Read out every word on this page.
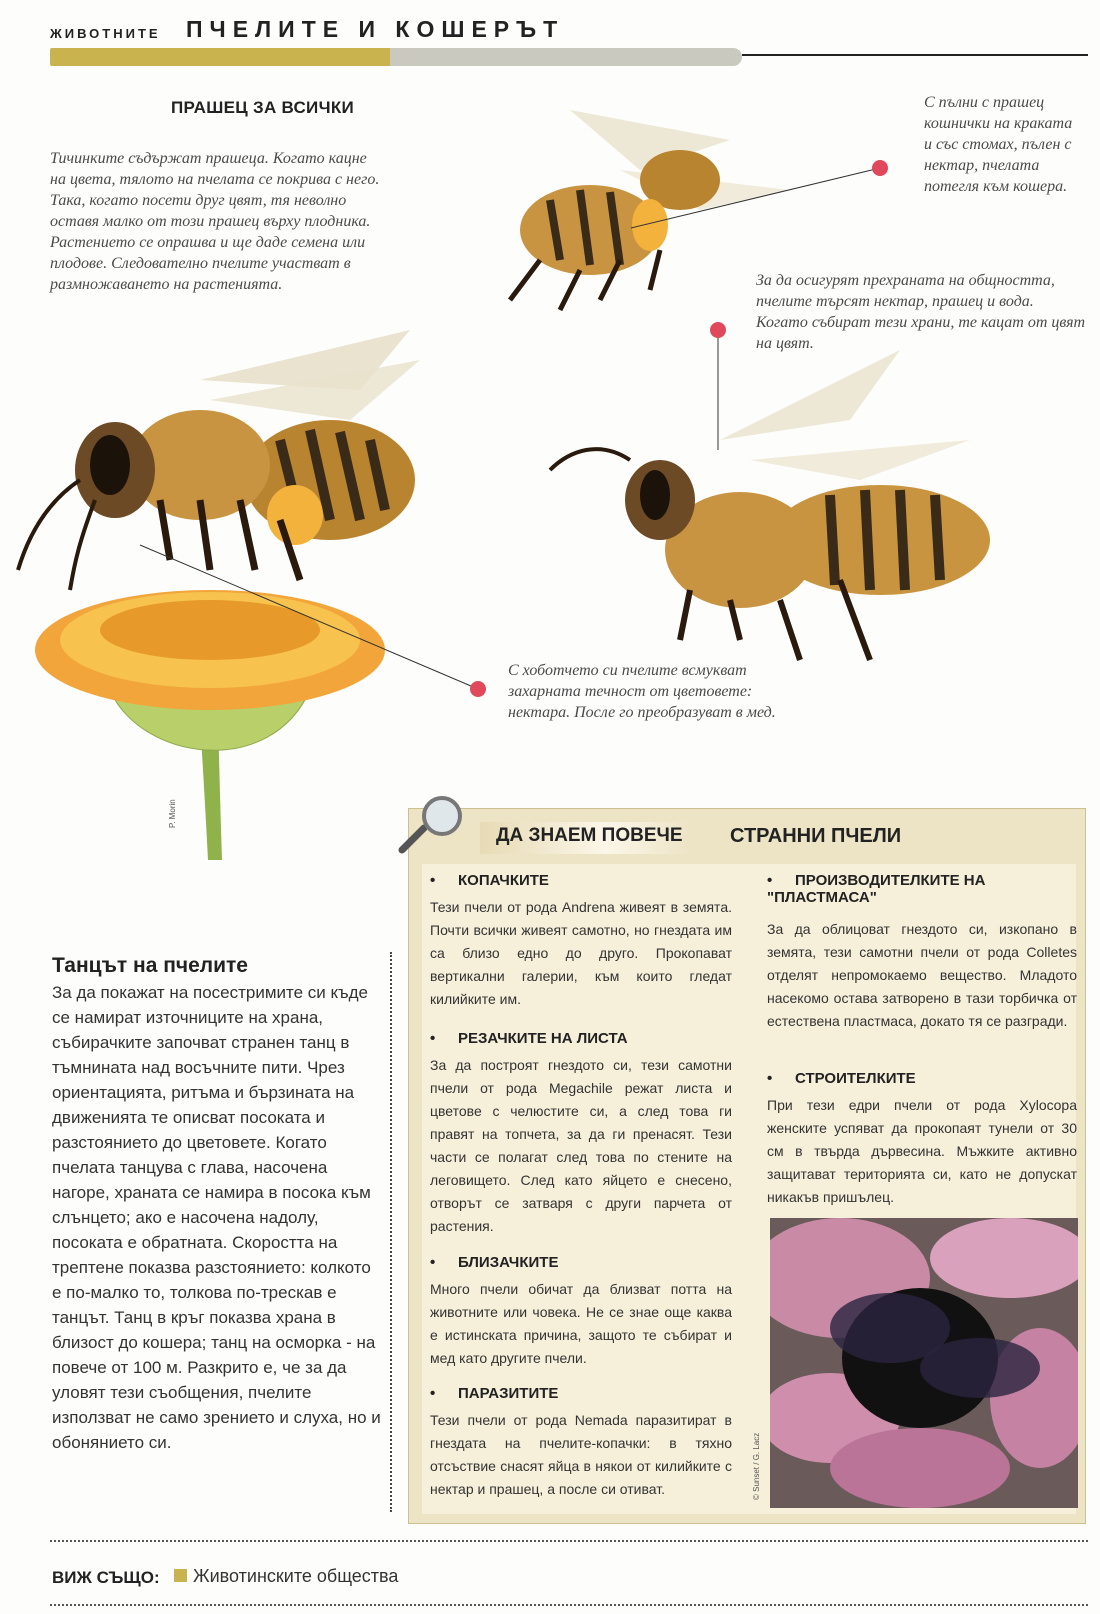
ЖИВОТНИТЕ ПЧЕЛИТЕ И КОШЕРЪТ
ПРАШЕЦ ЗА ВСИЧКИ
Тичинките съдържат прашеца. Когато кацне на цвета, тялото на пчелата се покрива с него. Така, когато посети друг цвят, тя неволно оставя малко от този прашец върху плодника. Растението се опрашва и ще даде семена или плодове. Следователно пчелите участват в размножаването на растенията.
С пълни с прашец кошнички на краката и със стомах, пълен с нектар, пчелата потегля към кошера.
За да осигурят прехраната на общността, пчелите търсят нектар, прашец и вода. Когато събират тези храни, те кацат от цвят на цвят.
С хоботчето си пчелите всмукват захарната течност от цветовете: нектара. После го преобразуват в мед.
P. Morin
Танцът на пчелите
За да покажат на посестримите си къде се намират източниците на храна, събирачките започват странен танц в тъмнината над восъчните пити. Чрез ориентацията, ритъма и бързината на движенията те описват посоката и разстоянието до цветовете. Когато пчелата танцува с глава, насочена нагоре, храната се намира в посока към слънцето; ако е насочена надолу, посоката е обратната. Скоростта на трептене показва разстоянието: колкото е по-малко то, толкова по-трескав е танцът. Танц в кръг показва храна в близост до кошера; танц на осморка - на повече от 100 м. Разкрито е, че за да уловят тези съобщения, пчелите използват не само зрението и слуха, но и обонянието си.
ДА ЗНАЕМ ПОВЕЧЕ СТРАННИ ПЧЕЛИ
• КОПАЧКИТЕ
Тези пчели от рода Andrena живеят в земята. Почти всички живеят самотно, но гнездата им са близо едно до друго. Прокопават вертикални галерии, към които гледат килийките им.
• РЕЗАЧКИТЕ НА ЛИСТА
За да построят гнездото си, тези самотни пчели от рода Megachile режат листа и цветове с челюстите си, а след това ги правят на топчета, за да ги пренасят. Тези части се полагат след това по стените на леговището. След като яйцето е снесено, отворът се затваря с други парчета от растения.
• БЛИЗАЧКИТЕ
Много пчели обичат да близват потта на животните или човека. Не се знае още каква е истинската причина, защото те събират и мед като другите пчели.
• ПАРАЗИТИТЕ
Тези пчели от рода Nemada паразитират в гнездата на пчелите-копачки: в тяхно отсъствие снасят яйца в някои от килийките с нектар и прашец, а после си отиват.
• ПРОИЗВОДИТЕЛКИТЕ НА "ПЛАСТМАСА"
За да облицоват гнездото си, изкопано в земята, тези самотни пчели от рода Colletes отделят непромокаемо вещество. Младото насекомо остава затворено в тази торбичка от естествена пластмаса, докато тя се разгради.
• СТРОИТЕЛКИТЕ
При тези едри пчели от рода Xylocopa женските успяват да прокопаят тунели от 30 см в твърда дървесина. Мъжките активно защитават територията си, като не допускат никакъв пришълец.
© Sunset / G. Lacz
ВИЖ СЪЩО: Животинските общества
